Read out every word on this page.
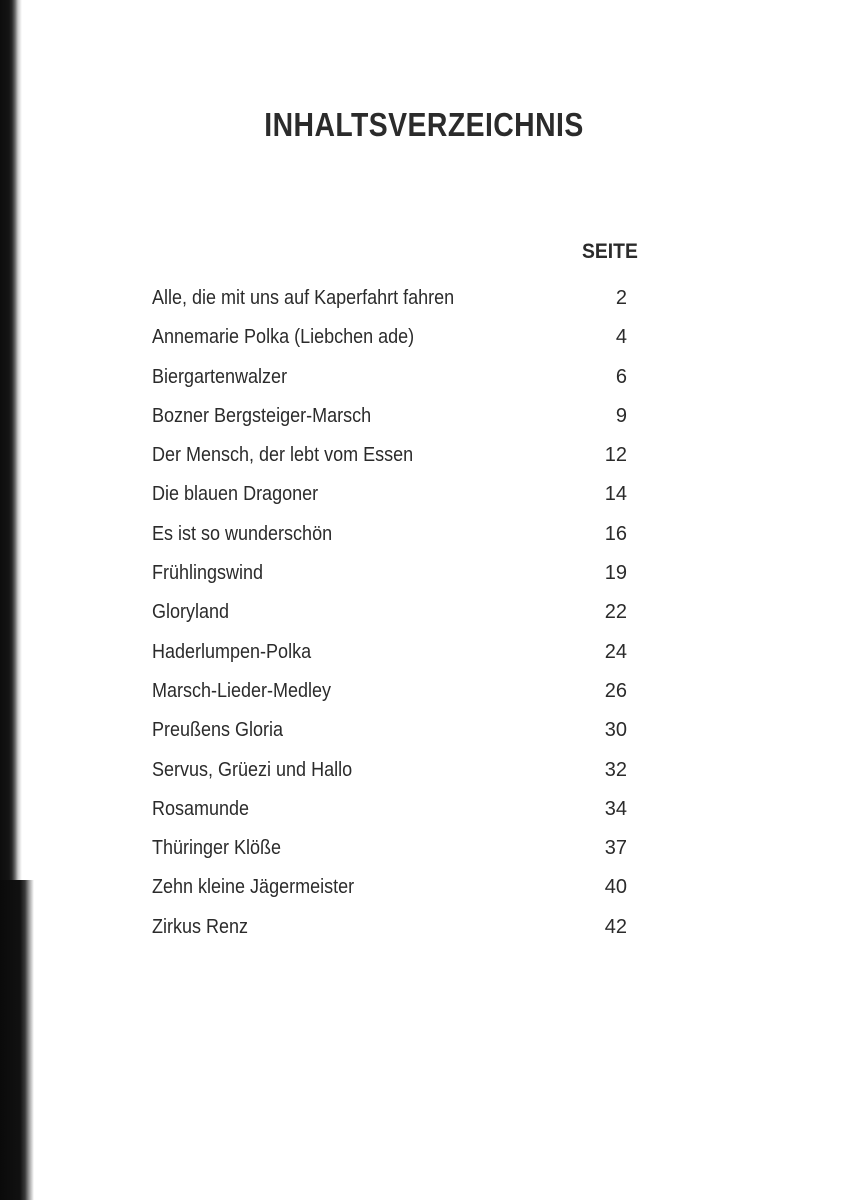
INHALTSVERZEICHNIS
SEITE
Alle, die mit uns auf Kaperfahrt fahren	2
Annemarie Polka (Liebchen ade)	4
Biergartenwalzer	6
Bozner Bergsteiger-Marsch	9
Der Mensch, der lebt vom Essen	12
Die blauen Dragoner	14
Es ist so wunderschön	16
Frühlingswind	19
Gloryland	22
Haderlumpen-Polka	24
Marsch-Lieder-Medley	26
Preußens Gloria	30
Servus, Grüezi und Hallo	32
Rosamunde	34
Thüringer Klöße	37
Zehn kleine Jägermeister	40
Zirkus Renz	42
